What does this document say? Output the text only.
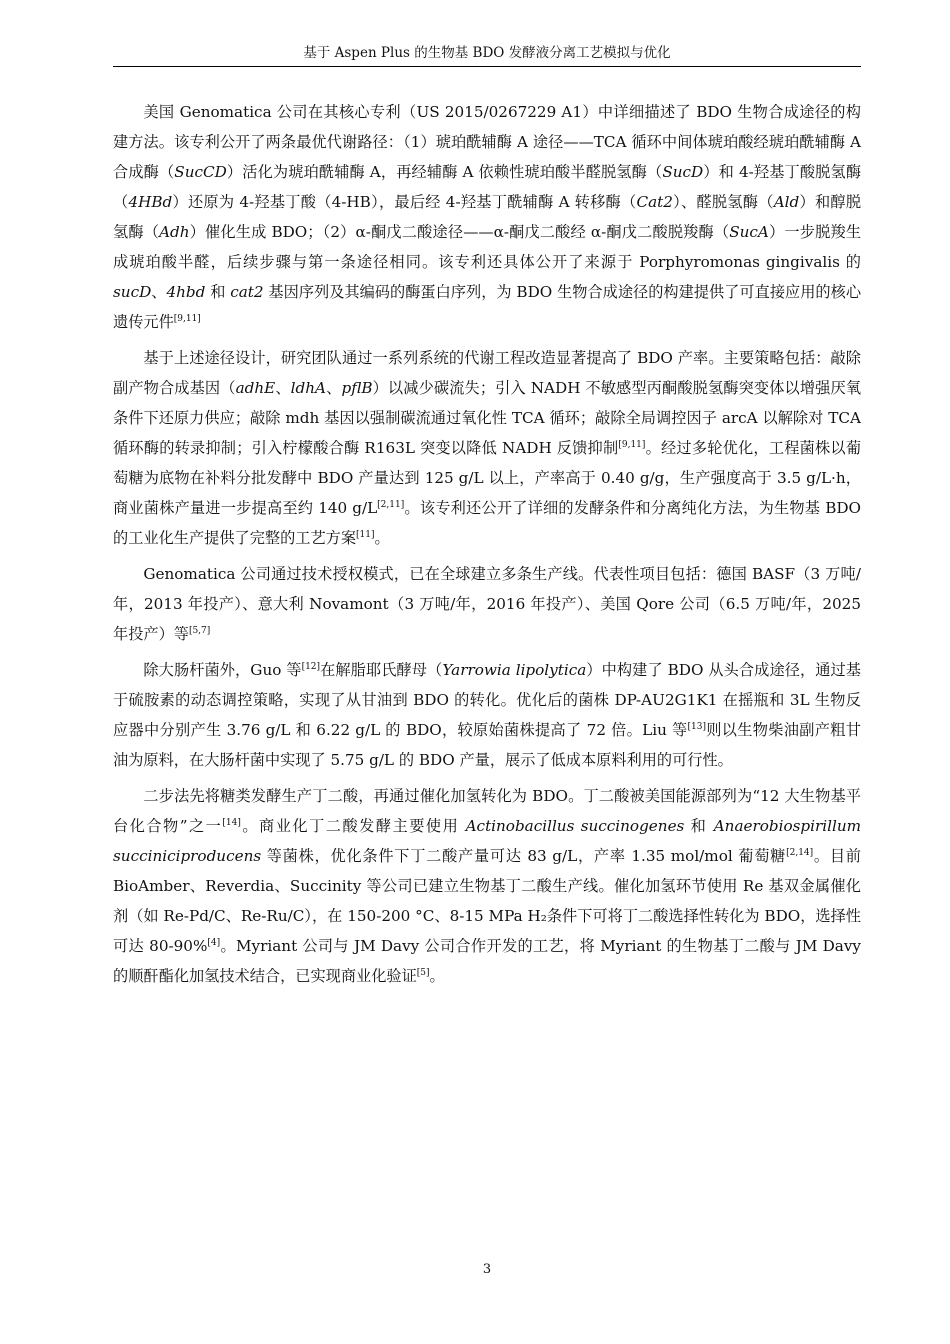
基于 Aspen Plus 的生物基 BDO 发酵液分离工艺模拟与优化

美国 Genomatica 公司在其核心专利（US 2015/0267229 A1）中详细描述了 BDO 生物合成途径的构建方法。该专利公开了两条最优代谢路径：（1）琥珀酰辅酶 A 途径——TCA 循环中间体琥珀酸经琥珀酰辅酶 A 合成酶（SucCD）活化为琥珀酰辅酶 A，再经辅酶 A 依赖性琥珀酸半醛脱氢酶（SucD）和 4-羟基丁酸脱氢酶（4HBd）还原为 4-羟基丁酸（4-HB），最后经 4-羟基丁酰辅酶 A 转移酶（Cat2）、醛脱氢酶（Ald）和醇脱氢酶（Adh）催化生成 BDO；（2）α-酮戊二酸途径——α-酮戊二酸经 α-酮戊二酸脱羧酶（SucA）一步脱羧生成琥珀酸半醛，后续步骤与第一条途径相同。该专利还具体公开了来源于 Porphyromonas gingivalis 的 sucD、4hbd 和 cat2 基因序列及其编码的酶蛋白序列，为 BDO 生物合成途径的构建提供了可直接应用的核心遗传元件[9,11]

基于上述途径设计，研究团队通过一系列系统的代谢工程改造显著提高了 BDO 产率。主要策略包括：敲除副产物合成基因（adhE、ldhA、pflB）以减少碳流失；引入 NADH 不敏感型丙酮酸脱氢酶突变体以增强厌氧条件下还原力供应；敲除 mdh 基因以强制碳流通过氧化性 TCA 循环；敲除全局调控因子 arcA 以解除对 TCA 循环酶的转录抑制；引入柠檬酸合酶 R163L 突变以降低 NADH 反馈抑制[9,11]。经过多轮优化，工程菌株以葡萄糖为底物在补料分批发酵中 BDO 产量达到 125 g/L 以上，产率高于 0.40 g/g，生产强度高于 3.5 g/L·h，商业菌株产量进一步提高至约 140 g/L[2,11]。该专利还公开了详细的发酵条件和分离纯化方法，为生物基 BDO 的工业化生产提供了完整的工艺方案[11]。

Genomatica 公司通过技术授权模式，已在全球建立多条生产线。代表性项目包括：德国 BASF（3 万吨/年，2013 年投产）、意大利 Novamont（3 万吨/年，2016 年投产）、美国 Qore 公司（6.5 万吨/年，2025 年投产）等[5,7]

除大肠杆菌外，Guo 等[12]在解脂耶氏酵母（Yarrowia lipolytica）中构建了 BDO 从头合成途径，通过基于硫胺素的动态调控策略，实现了从甘油到 BDO 的转化。优化后的菌株 DP-AU2G1K1 在摇瓶和 3L 生物反应器中分别产生 3.76 g/L 和 6.22 g/L 的 BDO，较原始菌株提高了 72 倍。Liu 等[13]则以生物柴油副产粗甘油为原料，在大肠杆菌中实现了 5.75 g/L 的 BDO 产量，展示了低成本原料利用的可行性。

二步法先将糖类发酵生产丁二酸，再通过催化加氢转化为 BDO。丁二酸被美国能源部列为“12 大生物基平台化合物”之一[14]。商业化丁二酸发酵主要使用 Actinobacillus succinogenes 和 Anaerobiospirillum succiniciproducens 等菌株，优化条件下丁二酸产量可达 83 g/L，产率 1.35 mol/mol 葡萄糖[2,14]。目前 BioAmber、Reverdia、Succinity 等公司已建立生物基丁二酸生产线。催化加氢环节使用 Re 基双金属催化剂（如 Re-Pd/C、Re-Ru/C），在 150-200 °C、8-15 MPa H₂条件下可将丁二酸选择性转化为 BDO，选择性可达 80-90%[4]。Myriant 公司与 JM Davy 公司合作开发的工艺，将 Myriant 的生物基丁二酸与 JM Davy 的顺酐酯化加氢技术结合，已实现商业化验证[5]。

3
